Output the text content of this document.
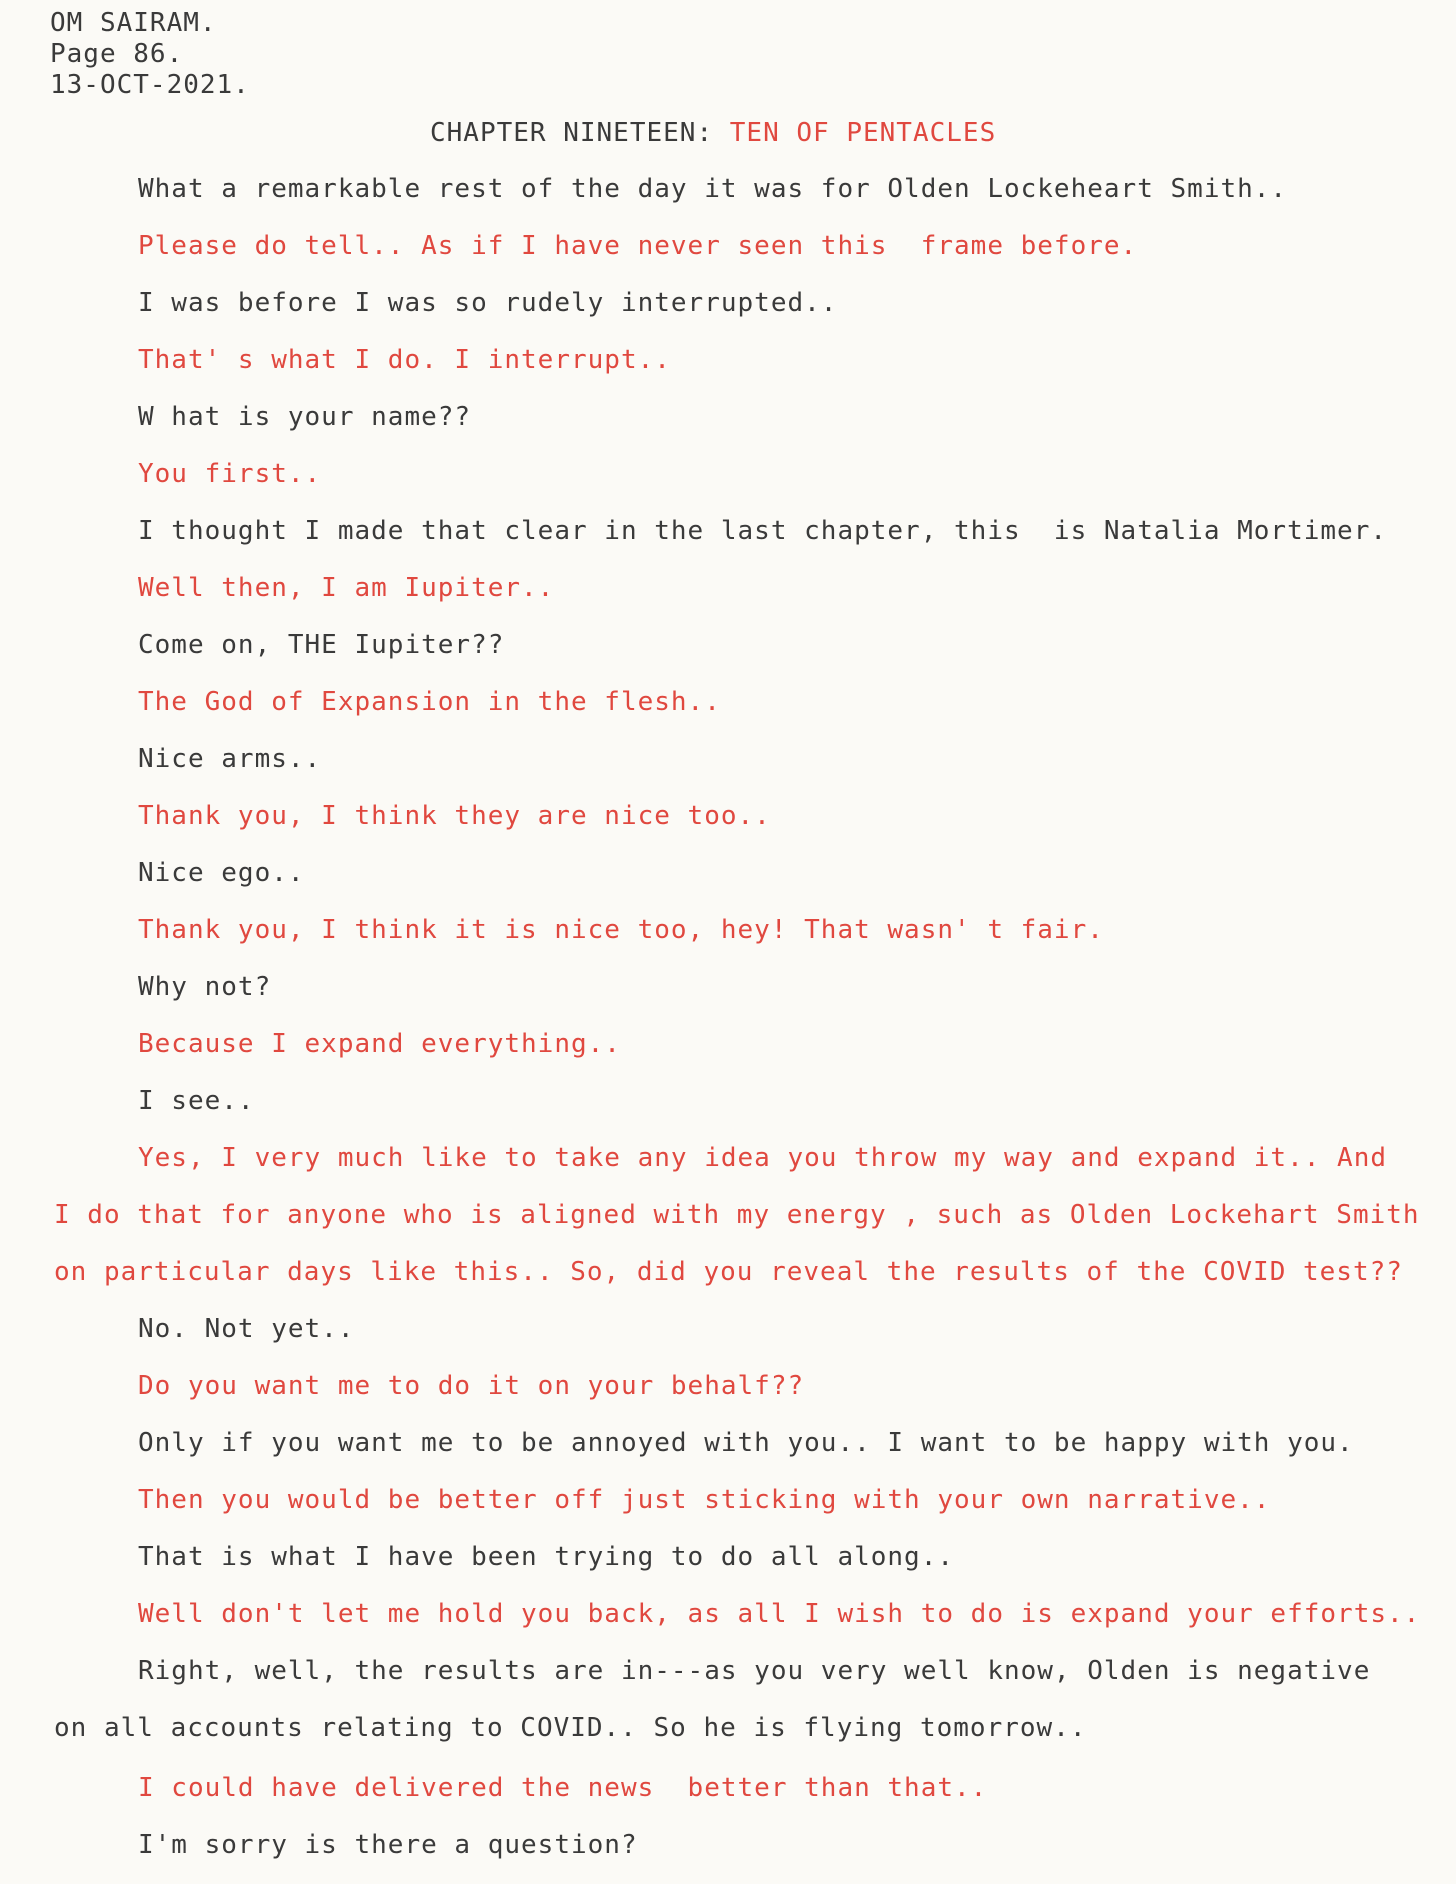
OM SAIRAM.
Page 86.
13-OCT-2021.
CHAPTER NINETEEN: TEN OF PENTACLES
What a remarkable rest of the day it was for Olden Lockeheart Smith..
Please do tell.. As if I have never seen this  frame before.
I was before I was so rudely interrupted..
That' s what I do. I interrupt..
W hat is your name??
You first..
I thought I made that clear in the last chapter, this  is Natalia Mortimer.
Well then, I am Iupiter..
Come on, THE Iupiter??
The God of Expansion in the flesh..
Nice arms..
Thank you, I think they are nice too..
Nice ego..
Thank you, I think it is nice too, hey! That wasn' t fair.
Why not?
Because I expand everything..
I see..
Yes, I very much like to take any idea you throw my way and expand it.. And
I do that for anyone who is aligned with my energy , such as Olden Lockehart Smith
on particular days like this.. So, did you reveal the results of the COVID test??
No. Not yet..
Do you want me to do it on your behalf??
Only if you want me to be annoyed with you.. I want to be happy with you.
Then you would be better off just sticking with your own narrative..
That is what I have been trying to do all along..
Well don't let me hold you back, as all I wish to do is expand your efforts..
Right, well, the results are in---as you very well know, Olden is negative
on all accounts relating to COVID.. So he is flying tomorrow..
I could have delivered the news  better than that..
I'm sorry is there a question?
